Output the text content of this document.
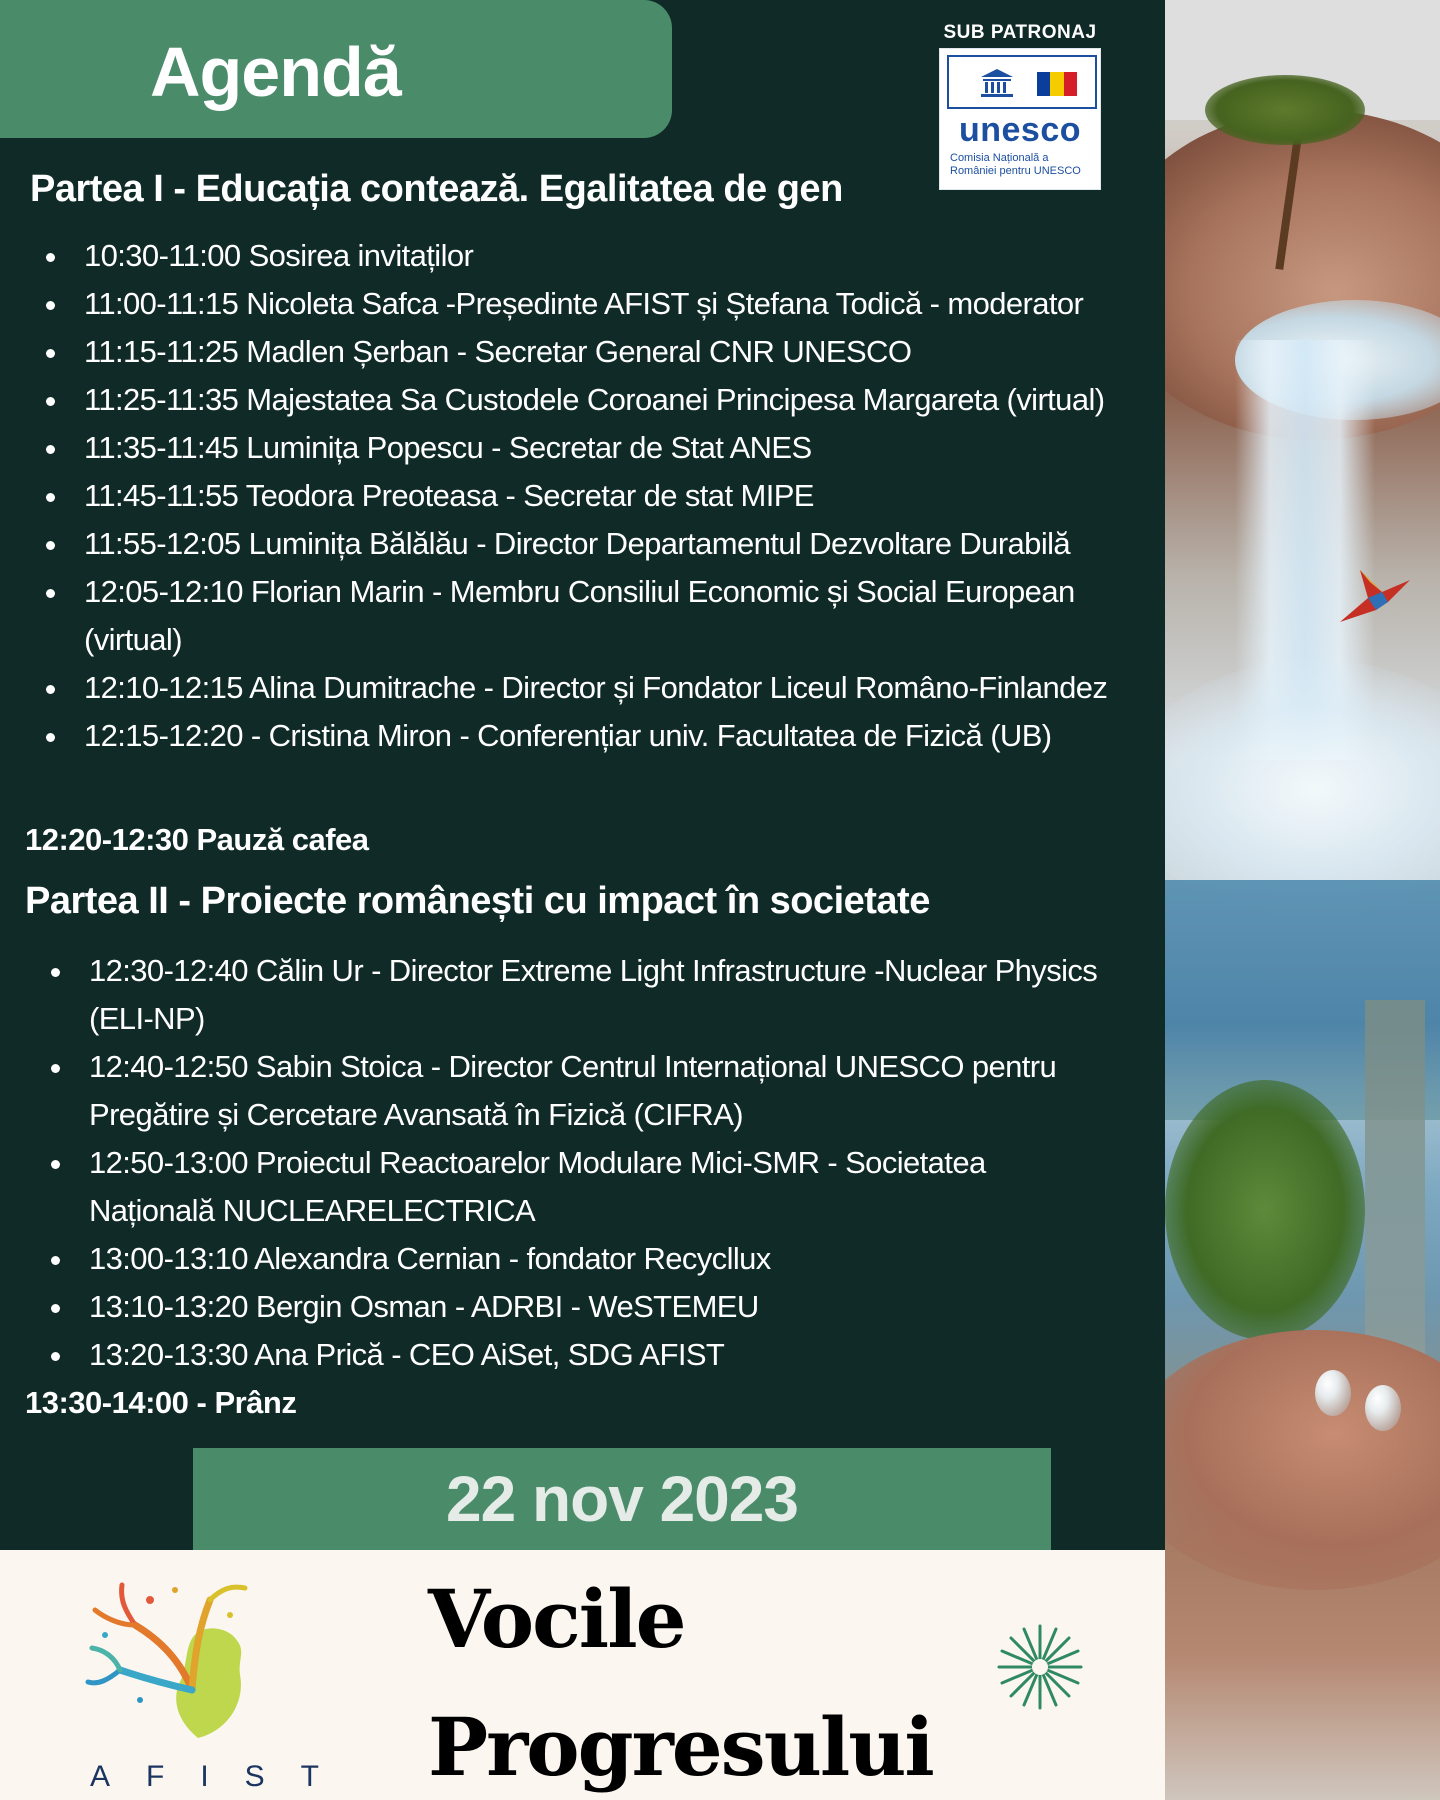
Agendă
SUB PATRONAJ
unesco
Comisia Națională a României pentru UNESCO
Partea I - Educația contează. Egalitatea de gen
10:30-11:00 Sosirea invitaților
11:00-11:15 Nicoleta Safca -Președinte AFIST și Ștefana Todică - moderator
11:15-11:25 Madlen Șerban - Secretar General CNR UNESCO
11:25-11:35 Majestatea Sa Custodele Coroanei Principesa Margareta (virtual)
11:35-11:45 Luminița Popescu - Secretar de Stat ANES
11:45-11:55 Teodora Preoteasa - Secretar de stat MIPE
11:55-12:05 Luminița Bălălău - Director Departamentul Dezvoltare Durabilă
12:05-12:10 Florian Marin - Membru Consiliul Economic și Social European (virtual)
12:10-12:15 Alina Dumitrache - Director și Fondator Liceul Româno-Finlandez
12:15-12:20 - Cristina Miron - Conferențiar univ. Facultatea de Fizică (UB)

12:20-12:30 Pauză cafea

Partea II - Proiecte românești cu impact în societate
12:30-12:40 Călin Ur - Director Extreme Light Infrastructure -Nuclear Physics (ELI-NP)
12:40-12:50 Sabin Stoica - Director Centrul Internațional UNESCO pentru Pregătire și Cercetare Avansată în Fizică (CIFRA)
12:50-13:00 Proiectul Reactoarelor Modulare Mici-SMR - Societatea Națională NUCLEARELECTRICA
13:00-13:10 Alexandra Cernian - fondator Recycllux
13:10-13:20 Bergin Osman - ADRBI - WeSTEMEU
13:20-13:30 Ana Prică - CEO AiSet, SDG AFIST

13:30-14:00 - Prânz

22 nov 2023
AFIST
Vocile
Progresului
